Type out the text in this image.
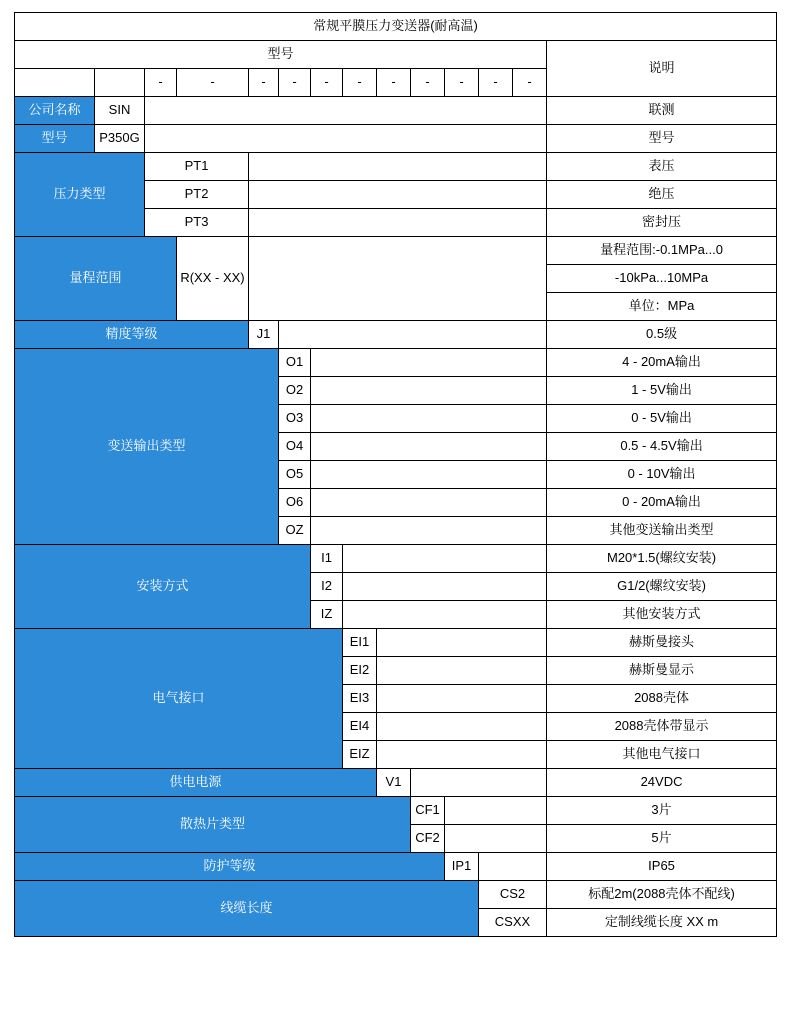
常规平膜压力变送器(耐高温)													
型号													说明
		-	-	-	-	-	-	-	-	-	-	-	
公司名称	SIN												联测
型号	P350G												型号
压力类型		PT1											表压
		PT2											绝压
		PT3											密封压
量程范围			R(XX - XX)										量程范围:-0.1MPa...0
													-10kPa...10MPa
													单位：MPa
精度等级				J1									0.5级
变送输出类型					O1								4 - 20mA输出
					O2								1 - 5V输出
					O3								0 - 5V输出
					O4								0.5 - 4.5V输出
					O5								0 - 10V输出
					O6								0 - 20mA输出
					OZ								其他变送输出类型
安装方式						I1							M20*1.5(螺纹安装)
						I2							G1/2(螺纹安装)
						IZ							其他安装方式
电气接口							EI1						赫斯曼接头
							EI2						赫斯曼显示
							EI3						2088壳体
							EI4						2088壳体带显示
							EIZ						其他电气接口
供电电源								V1					24VDC
散热片类型									CF1				3片
									CF2				5片
防护等级										IP1			IP65
线缆长度											CS2		标配2m(2088壳体不配线)
											CSXX		定制线缆长度 XX m
